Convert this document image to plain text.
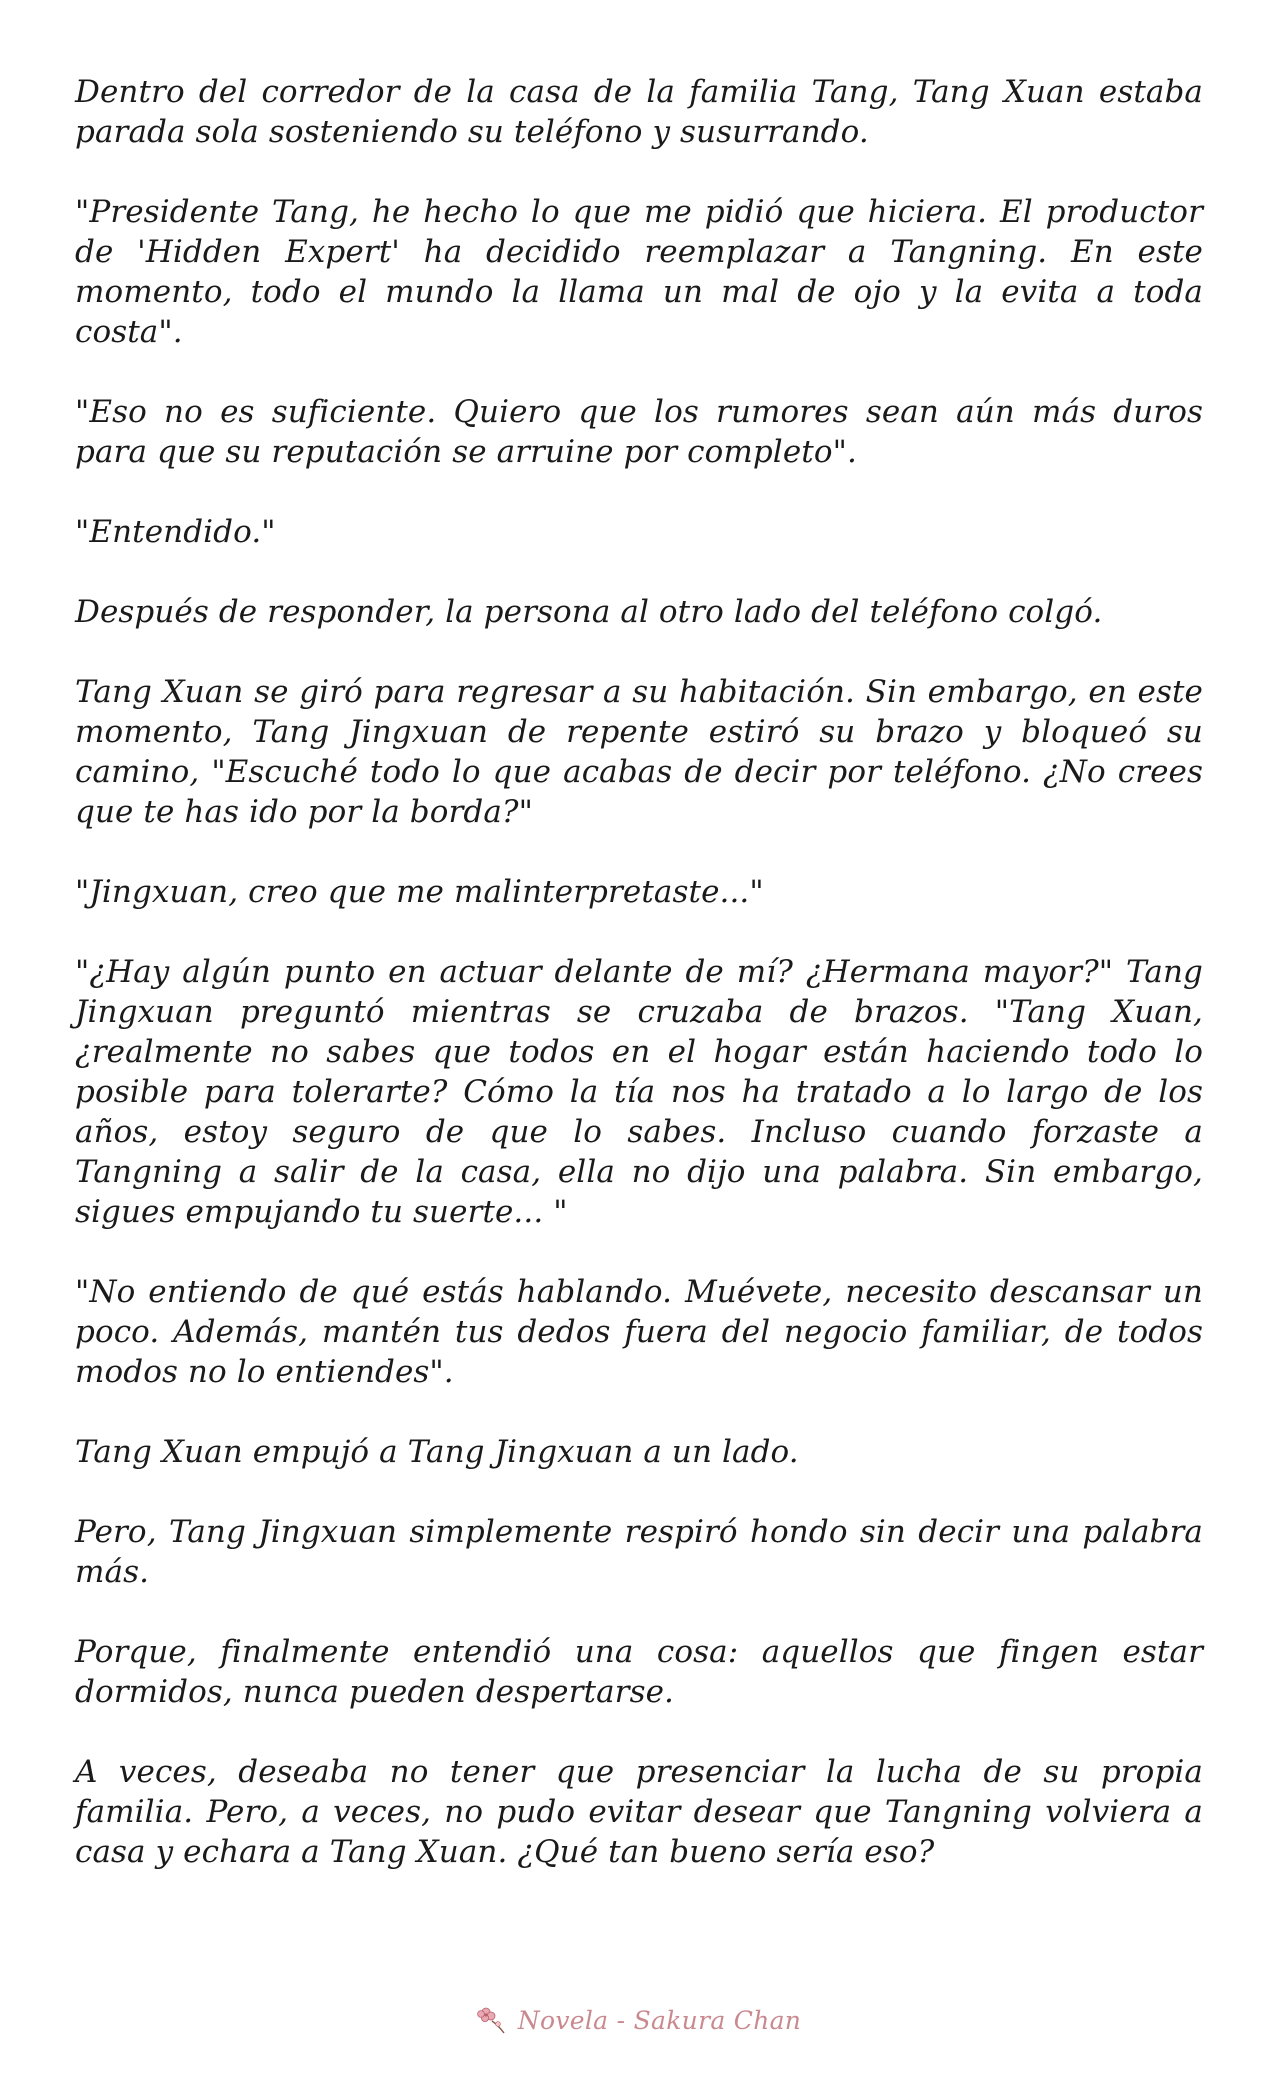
Dentro del corredor de la casa de la familia Tang, Tang Xuan estaba parada sola sosteniendo su teléfono y susurrando.

"Presidente Tang, he hecho lo que me pidió que hiciera. El productor de 'Hidden Expert' ha decidido reemplazar a Tangning. En este momento, todo el mundo la llama un mal de ojo y la evita a toda costa".

"Eso no es suficiente. Quiero que los rumores sean aún más duros para que su reputación se arruine por completo".

"Entendido."

Después de responder, la persona al otro lado del teléfono colgó.

Tang Xuan se giró para regresar a su habitación. Sin embargo, en este momento, Tang Jingxuan de repente estiró su brazo y bloqueó su camino, "Escuché todo lo que acabas de decir por teléfono. ¿No crees que te has ido por la borda?"

"Jingxuan, creo que me malinterpretaste..."

"¿Hay algún punto en actuar delante de mí? ¿Hermana mayor?" Tang Jingxuan preguntó mientras se cruzaba de brazos. "Tang Xuan, ¿realmente no sabes que todos en el hogar están haciendo todo lo posible para tolerarte? Cómo la tía nos ha tratado a lo largo de los años, estoy seguro de que lo sabes. Incluso cuando forzaste a Tangning a salir de la casa, ella no dijo una palabra. Sin embargo, sigues empujando tu suerte... "

"No entiendo de qué estás hablando. Muévete, necesito descansar un poco. Además, mantén tus dedos fuera del negocio familiar, de todos modos no lo entiendes".

Tang Xuan empujó a Tang Jingxuan a un lado.

Pero, Tang Jingxuan simplemente respiró hondo sin decir una palabra más.

Porque, finalmente entendió una cosa: aquellos que fingen estar dormidos, nunca pueden despertarse.

A veces, deseaba no tener que presenciar la lucha de su propia familia. Pero, a veces, no pudo evitar desear que Tangning volviera a casa y echara a Tang Xuan. ¿Qué tan bueno sería eso?

Novela - Sakura Chan
